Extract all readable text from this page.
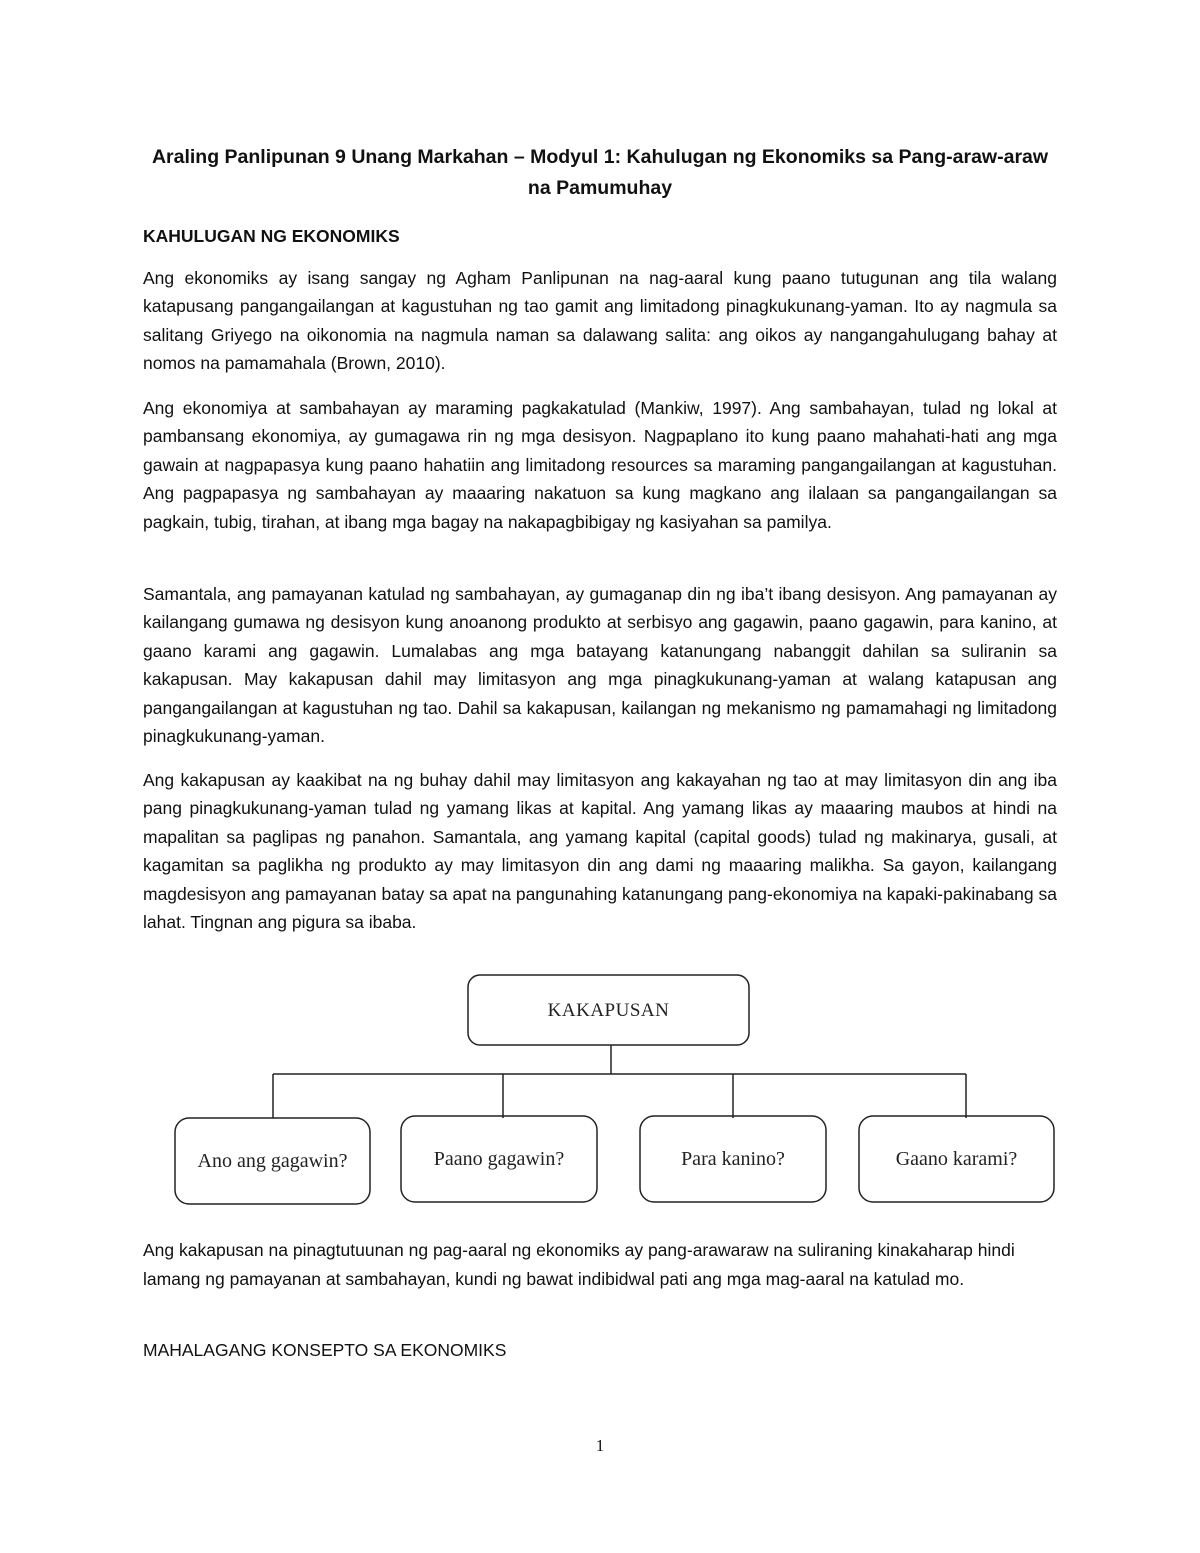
Araling Panlipunan 9 Unang Markahan – Modyul 1: Kahulugan ng Ekonomiks sa Pang-araw-araw na Pamumuhay
KAHULUGAN NG EKONOMIKS

Ang ekonomiks ay isang sangay ng Agham Panlipunan na nag-aaral kung paano tutugunan ang tila walang katapusang pangangailangan at kagustuhan ng tao gamit ang limitadong pinagkukunang-yaman. Ito ay nagmula sa salitang Griyego na oikonomia na nagmula naman sa dalawang salita: ang oikos ay nangangahulugang bahay at nomos na pamamahala (Brown, 2010).

Ang ekonomiya at sambahayan ay maraming pagkakatulad (Mankiw, 1997). Ang sambahayan, tulad ng lokal at pambansang ekonomiya, ay gumagawa rin ng mga desisyon. Nagpaplano ito kung paano mahahati-hati ang mga gawain at nagpapasya kung paano hahatiin ang limitadong resources sa maraming pangangailangan at kagustuhan. Ang pagpapasya ng sambahayan ay maaaring nakatuon sa kung magkano ang ilalaan sa pangangailangan sa pagkain, tubig, tirahan, at ibang mga bagay na nakapagbibigay ng kasiyahan sa pamilya.

Samantala, ang pamayanan katulad ng sambahayan, ay gumaganap din ng iba’t ibang desisyon. Ang pamayanan ay kailangang gumawa ng desisyon kung anoanong produkto at serbisyo ang gagawin, paano gagawin, para kanino, at gaano karami ang gagawin. Lumalabas ang mga batayang katanungang nabanggit dahilan sa suliranin sa kakapusan. May kakapusan dahil may limitasyon ang mga pinagkukunang-yaman at walang katapusan ang pangangailangan at kagustuhan ng tao. Dahil sa kakapusan, kailangan ng mekanismo ng pamamahagi ng limitadong pinagkukunang-yaman.

Ang kakapusan ay kaakibat na ng buhay dahil may limitasyon ang kakayahan ng tao at may limitasyon din ang iba pang pinagkukunang-yaman tulad ng yamang likas at kapital. Ang yamang likas ay maaaring maubos at hindi na mapalitan sa paglipas ng panahon. Samantala, ang yamang kapital (capital goods) tulad ng makinarya, gusali, at kagamitan sa paglikha ng produkto ay may limitasyon din ang dami ng maaaring malikha. Sa gayon, kailangang magdesisyon ang pamayanan batay sa apat na pangunahing katanungang pang-ekonomiya na kapaki-pakinabang sa lahat. Tingnan ang pigura sa ibaba.

KAKAPUSAN
Ano ang gagawin?	Paano gagawin?	Para kanino?	Gaano karami?

Ang kakapusan na pinagtutuunan ng pag-aaral ng ekonomiks ay pang-arawaraw na suliraning kinakaharap hindi lamang ng pamayanan at sambahayan, kundi ng bawat indibidwal pati ang mga mag-aaral na katulad mo.

MAHALAGANG KONSEPTO SA EKONOMIKS
1
